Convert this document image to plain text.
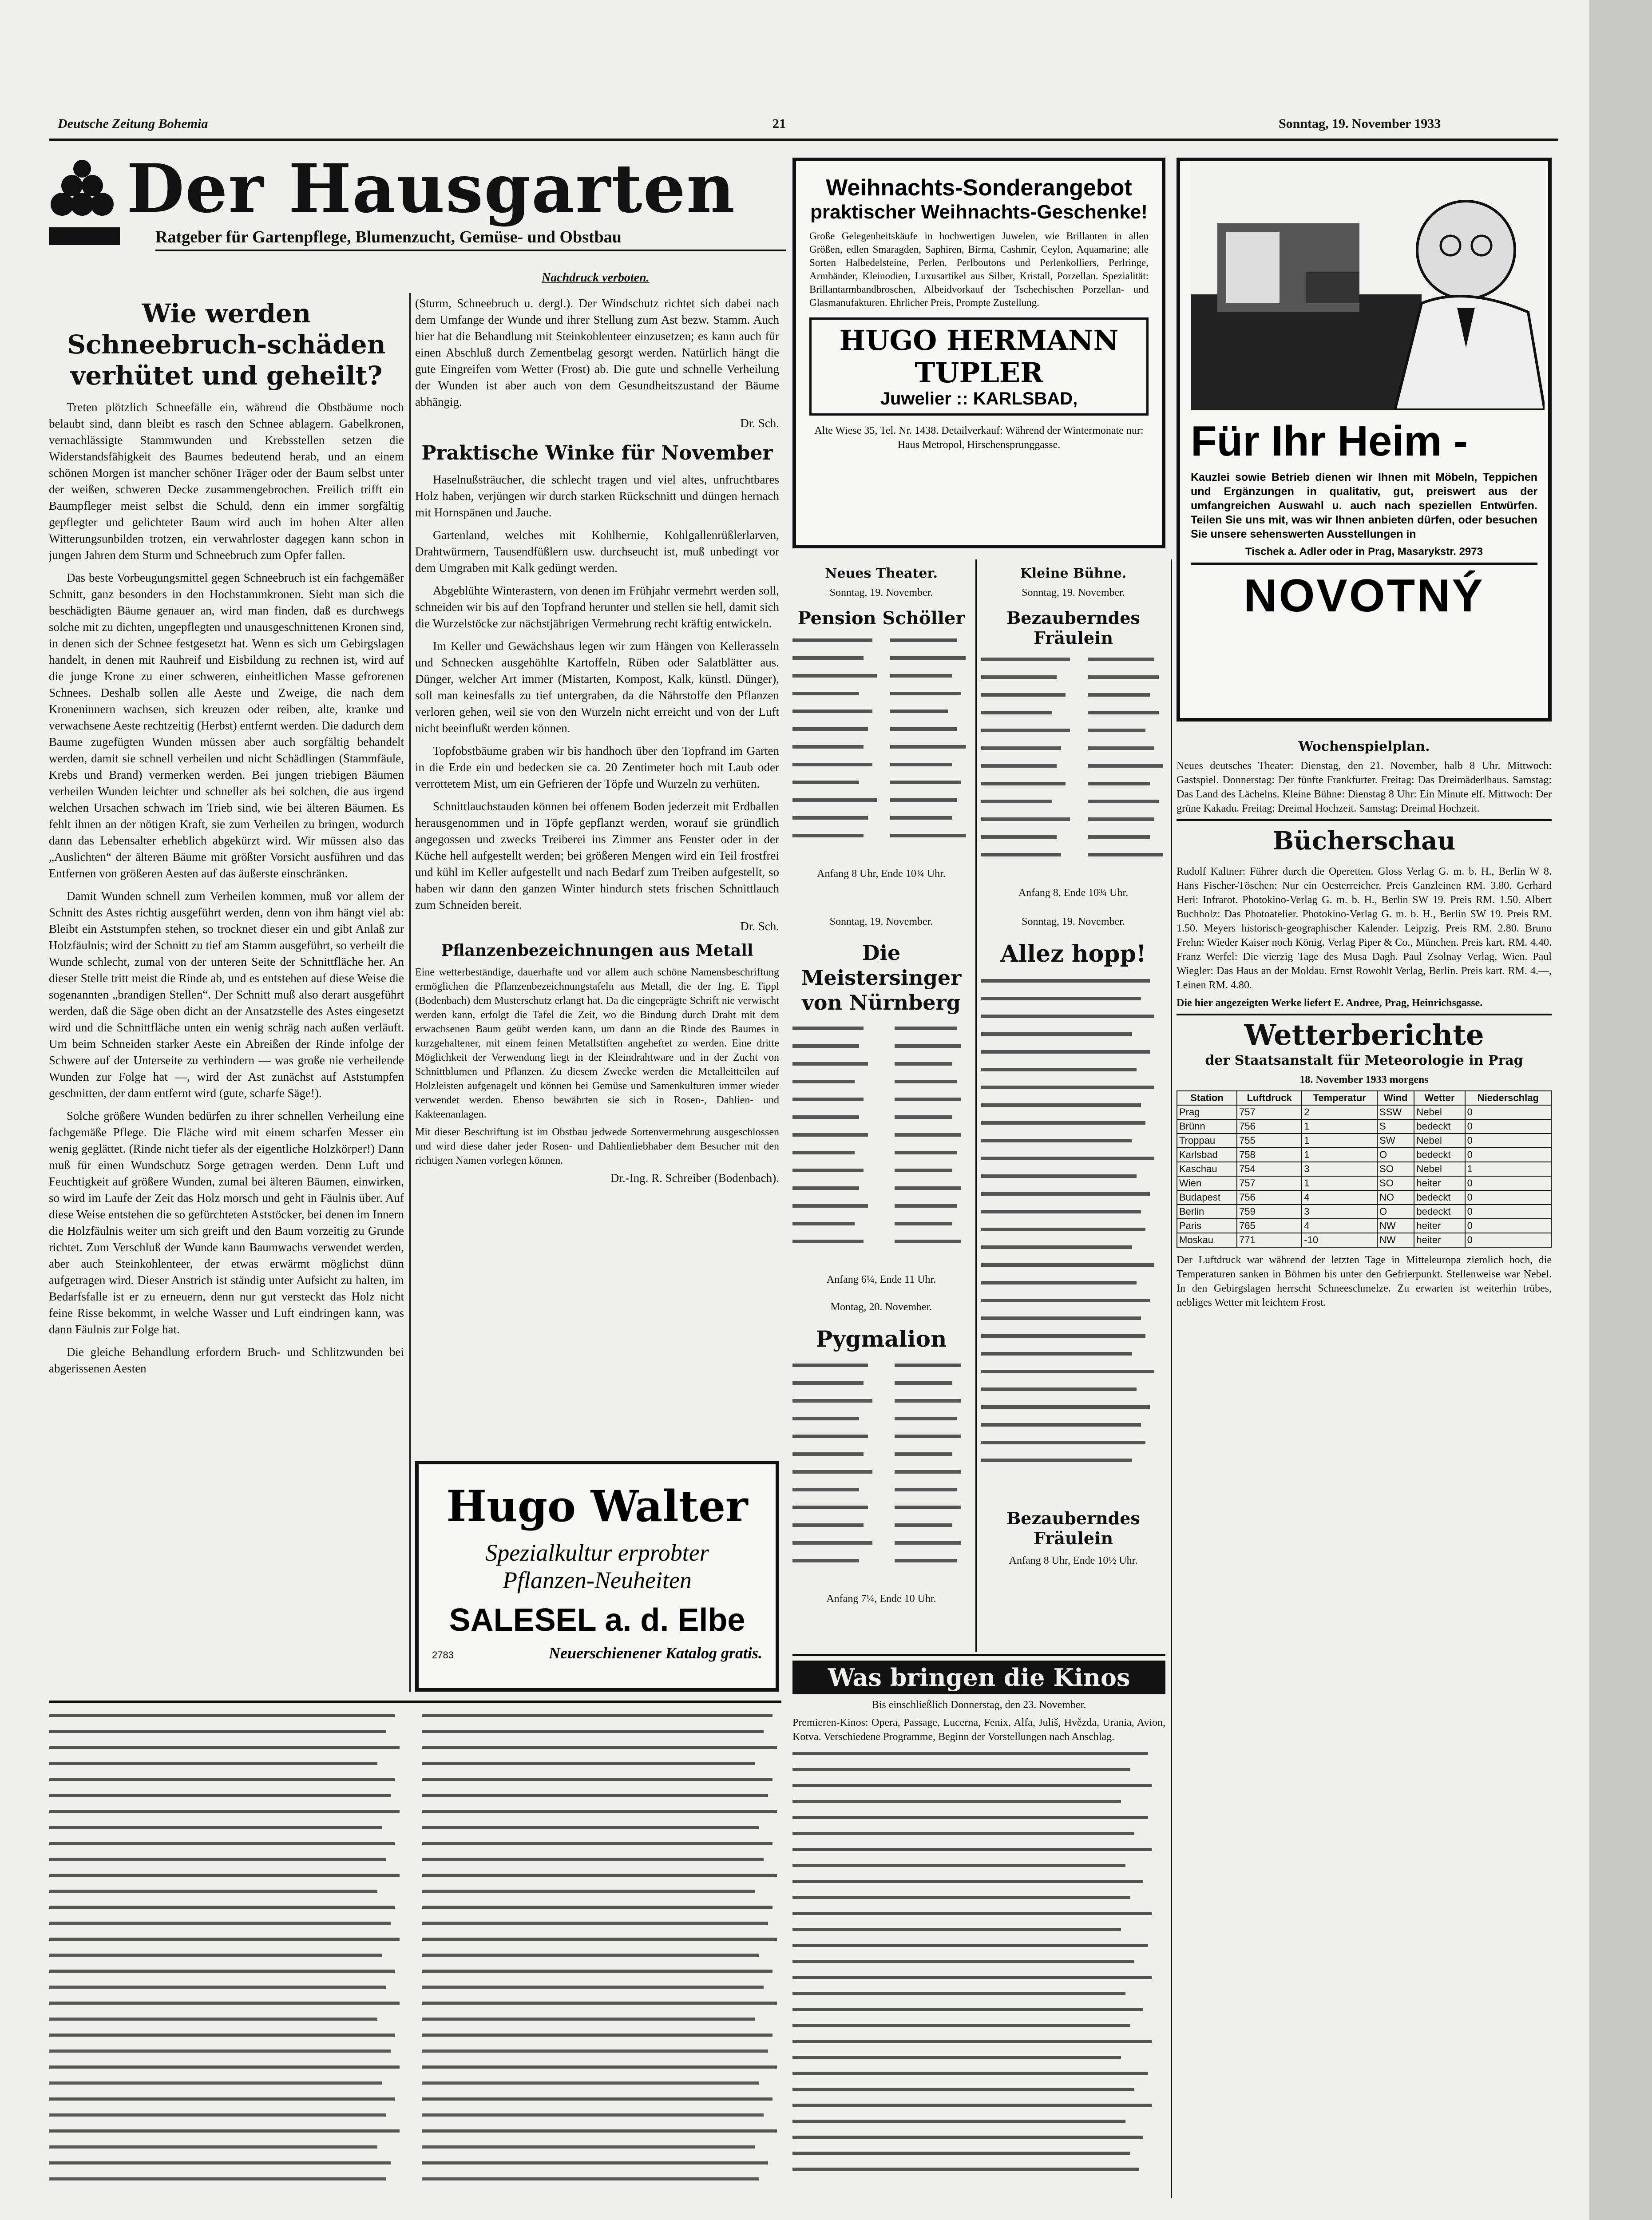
Deutsche Zeitung Bohemia	21	Sonntag, 19. November 1933
Der Hausgarten
Ratgeber für Gartenpflege, Blumenzucht, Gemüse- und Obstbau
Nachdruck verboten.
Wie werden Schneebruch-schäden verhütet und geheilt?

Treten plötzlich Schneefälle ein, während die Obstbäume noch belaubt sind, dann bleibt es rasch den Schnee ablagern. Gabelkronen, vernachlässigte Stammwunden und Krebsstellen setzen die Widerstandsfähigkeit des Baumes bedeutend herab, und an einem schönen Morgen ist mancher schöner Träger oder der Baum selbst unter der weißen, schweren Decke zusammengebrochen. Freilich trifft ein Baumpfleger meist selbst die Schuld, denn ein immer sorgfältig gepflegter und gelichteter Baum wird auch im hohen Alter allen Witterungsunbilden trotzen, ein verwahrloster dagegen kann schon in jungen Jahren dem Sturm und Schneebruch zum Opfer fallen.

Das beste Vorbeugungsmittel gegen Schneebruch ist ein fachgemäßer Schnitt, ganz besonders in den Hochstammkronen. Sieht man sich die beschädigten Bäume genauer an, wird man finden, daß es durchwegs solche mit zu dichten, ungepflegten und unausgeschnittenen Kronen sind, in denen sich der Schnee festgesetzt hat. Wenn es sich um Gebirgslagen handelt, in denen mit Rauhreif und Eisbildung zu rechnen ist, wird auf die junge Krone zu einer schweren, einheitlichen Masse gefrorenen Schnees. Deshalb sollen alle Aeste und Zweige, die nach dem Kroneninnern wachsen, sich kreuzen oder reiben, alte, kranke und verwachsene Aeste rechtzeitig (Herbst) entfernt werden. Die dadurch dem Baume zugefügten Wunden müssen aber auch sorgfältig behandelt werden, damit sie schnell verheilen und nicht Schädlingen (Stammfäule, Krebs und Brand) vermerken werden. Bei jungen triebigen Bäumen verheilen Wunden leichter und schneller als bei solchen, die aus irgend welchen Ursachen schwach im Trieb sind, wie bei älteren Bäumen. Es fehlt ihnen an der nötigen Kraft, sie zum Verheilen zu bringen, wodurch dann das Lebensalter erheblich abgekürzt wird. Wir müssen also das „Auslichten“ der älteren Bäume mit größter Vorsicht ausführen und das Entfernen von größeren Aesten auf das äußerste einschränken.

Damit Wunden schnell zum Verheilen kommen, muß vor allem der Schnitt des Astes richtig ausgeführt werden, denn von ihm hängt viel ab: Bleibt ein Aststumpfen stehen, so trocknet dieser ein und gibt Anlaß zur Holzfäulnis; wird der Schnitt zu tief am Stamm ausgeführt, so verheilt die Wunde schlecht, zumal von der unteren Seite der Schnittfläche her. An dieser Stelle tritt meist die Rinde ab, und es entstehen auf diese Weise die sogenannten „brandigen Stellen“. Der Schnitt muß also derart ausgeführt werden, daß die Säge oben dicht an der Ansatzstelle des Astes eingesetzt wird und die Schnittfläche unten ein wenig schräg nach außen verläuft. Um beim Schneiden starker Aeste ein Abreißen der Rinde infolge der Schwere auf der Unterseite zu verhindern — was große nie verheilende Wunden zur Folge hat —, wird der Ast zunächst auf Aststumpfen geschnitten, der dann entfernt wird (gute, scharfe Säge!).

Solche größere Wunden bedürfen zu ihrer schnellen Verheilung eine fachgemäße Pflege. Die Fläche wird mit einem scharfen Messer ein wenig geglättet. (Rinde nicht tiefer als der eigentliche Holzkörper!) Dann muß für einen Wundschutz Sorge getragen werden. Denn Luft und Feuchtigkeit auf größere Wunden, zumal bei älteren Bäumen, einwirken, so wird im Laufe der Zeit das Holz morsch und geht in Fäulnis über. Auf diese Weise entstehen die so gefürchteten Aststöcker, bei denen im Innern die Holzfäulnis weiter um sich greift und den Baum vorzeitig zu Grunde richtet. Zum Verschluß der Wunde kann Baumwachs verwendet werden, aber auch Steinkohlenteer, der etwas erwärmt möglichst dünn aufgetragen wird. Dieser Anstrich ist ständig unter Aufsicht zu halten, im Bedarfsfalle ist er zu erneuern, denn nur gut versteckt das Holz nicht feine Risse bekommt, in welche Wasser und Luft eindringen kann, was dann Fäulnis zur Folge hat.

Die gleiche Behandlung erfordern Bruch- und Schlitzwunden bei abgerissenen Aesten

(Sturm, Schneebruch u. dergl.). Der Windschutz richtet sich dabei nach dem Umfange der Wunde und ihrer Stellung zum Ast bezw. Stamm. Auch hier hat die Behandlung mit Steinkohlenteer einzusetzen; es kann auch für einen Abschluß durch Zementbelag gesorgt werden. Natürlich hängt die gute Eingreifen vom Wetter (Frost) ab. Die gute und schnelle Verheilung der Wunden ist aber auch von dem Gesundheitszustand der Bäume abhängig.

Dr. Sch.
Praktische Winke für November

Haselnußsträucher, die schlecht tragen und viel altes, unfruchtbares Holz haben, verjüngen wir durch starken Rückschnitt und düngen hernach mit Hornspänen und Jauche.

Gartenland, welches mit Kohlhernie, Kohlgallenrüßlerlarven, Drahtwürmern, Tausendfüßlern usw. durchseucht ist, muß unbedingt vor dem Umgraben mit Kalk gedüngt werden.

Abgeblühte Winterastern, von denen im Frühjahr vermehrt werden soll, schneiden wir bis auf den Topfrand herunter und stellen sie hell, damit sich die Wurzelstöcke zur nächstjährigen Vermehrung recht kräftig entwickeln.

Im Keller und Gewächshaus legen wir zum Hängen von Kellerasseln und Schnecken ausgehöhlte Kartoffeln, Rüben oder Salatblätter aus. Dünger, welcher Art immer (Mistarten, Kompost, Kalk, künstl. Dünger), soll man keinesfalls zu tief untergraben, da die Nährstoffe den Pflanzen verloren gehen, weil sie von den Wurzeln nicht erreicht und von der Luft nicht beeinflußt werden können.

Topfobstbäume graben wir bis handhoch über den Topfrand im Garten in die Erde ein und bedecken sie ca. 20 Zentimeter hoch mit Laub oder verrottetem Mist, um ein Gefrieren der Töpfe und Wurzeln zu verhüten.

Schnittlauchstauden können bei offenem Boden jederzeit mit Erdballen herausgenommen und in Töpfe gepflanzt werden, worauf sie gründlich angegossen und zwecks Treiberei ins Zimmer ans Fenster oder in der Küche hell aufgestellt werden; bei größeren Mengen wird ein Teil frostfrei und kühl im Keller aufgestellt und nach Bedarf zum Treiben aufgestellt, so haben wir dann den ganzen Winter hindurch stets frischen Schnittlauch zum Schneiden bereit.

Dr. Sch.
Pflanzenbezeichnungen aus Metall

Eine wetterbeständige, dauerhafte und vor allem auch schöne Namensbeschriftung ermöglichen die Pflanzenbezeichnungstafeln aus Metall, die der Ing. E. Tippl (Bodenbach) dem Musterschutz erlangt hat. Da die eingeprägte Schrift nie verwischt werden kann, erfolgt die Tafel die Zeit, wo die Bindung durch Draht mit dem erwachsenen Baum geübt werden kann, um dann an die Rinde des Baumes in kurzgehaltener, mit einem feinen Metallstiften angeheftet zu werden. Eine dritte Möglichkeit der Verwendung liegt in der Kleindrahtware und in der Zucht von Schnittblumen und Pflanzen. Zu diesem Zwecke werden die Metalleitteilen auf Holzleisten aufgenagelt und können bei Gemüse und Samenkulturen immer wieder verwendet werden. Ebenso bewährten sie sich in Rosen-, Dahlien- und Kakteenanlagen.

Mit dieser Beschriftung ist im Obstbau jedwede Sortenvermehrung ausgeschlossen und wird diese daher jeder Rosen- und Dahlienliebhaber dem Besucher mit den richtigen Namen vorlegen können.

Dr.-Ing. R. Schreiber (Bodenbach).
Hugo Walter
Spezialkultur erprobter
Pflanzen-Neuheiten
SALESEL a. d. Elbe
2783	Neuerschienener Katalog gratis.
Weihnachts-Sonderangebot
praktischer Weihnachts-Geschenke!

Große Gelegenheitskäufe in hochwertigen Juwelen, wie Brillanten in allen Größen, edlen Smaragden, Saphiren, Birma, Cashmir, Ceylon, Aquamarine; alle Sorten Halbedelsteine, Perlen, Perlboutons und Perlenkolliers, Perlringe, Armbänder, Kleinodien, Luxusartikel aus Silber, Kristall, Porzellan. Spezialität: Brillantarmbandbroschen, Albeidvorkauf der Tschechischen Porzellan- und Glasmanufakturen. Ehrlicher Preis, Prompte Zustellung.

HUGO HERMANN TUPLER
Juwelier :: KARLSBAD,

Alte Wiese 35, Tel. Nr. 1438. Detailverkauf: Während der Wintermonate nur: Haus Metropol, Hirschensprunggasse.	Für Ihr Heim -

Kauzlei sowie Betrieb dienen wir Ihnen mit Möbeln, Teppichen und Ergänzungen in qualitativ, gut, preiswert aus der umfangreichen Auswahl u. auch nach speziellen Entwürfen. Teilen Sie uns mit, was wir Ihnen anbieten dürfen, oder besuchen Sie unsere sehenswerten Ausstellungen in

Tischek a. Adler oder in Prag, Masarykstr. 2973

NOVOTNÝ
Neues Theater.
Sonntag, 19. November.
Pension Schöller
Anfang 8 Uhr, Ende 10¾ Uhr.
Kleine Bühne.
Sonntag, 19. November.
Bezauberndes Fräulein
Anfang 8, Ende 10¾ Uhr.
Sonntag, 19. November.
Die Meistersinger von Nürnberg
Anfang 6¼, Ende 11 Uhr.
Montag, 20. November.
Pygmalion
Anfang 7¼, Ende 10 Uhr.
Sonntag, 19. November.
Allez hopp!
Bezauberndes Fräulein
Anfang 8 Uhr, Ende 10½ Uhr.
Was bringen die Kinos
Bis einschließlich Donnerstag, den 23. November.

Premieren-Kinos: Opera, Passage, Lucerna, Fenix, Alfa, Juliš, Hvězda, Urania, Avion, Kotva. Verschiedene Programme, Beginn der Vorstellungen nach Anschlag.

Wochenspielplan.

Neues deutsches Theater: Dienstag, den 21. November, halb 8 Uhr. Mittwoch: Gastspiel. Donnerstag: Der fünfte Frankfurter. Freitag: Das Dreimäderlhaus. Samstag: Das Land des Lächelns. Kleine Bühne: Dienstag 8 Uhr: Ein Minute elf. Mittwoch: Der grüne Kakadu. Freitag: Dreimal Hochzeit. Samstag: Dreimal Hochzeit.

Bücherschau

Rudolf Kaltner: Führer durch die Operetten. Gloss Verlag G. m. b. H., Berlin W 8. Hans Fischer-Töschen: Nur ein Oesterreicher. Preis Ganzleinen RM. 3.80. Gerhard Heri: Infrarot. Photokino-Verlag G. m. b. H., Berlin SW 19. Preis RM. 1.50. Albert Buchholz: Das Photoatelier. Photokino-Verlag G. m. b. H., Berlin SW 19. Preis RM. 1.50. Meyers historisch-geographischer Kalender. Leipzig. Preis RM. 2.80. Bruno Frehn: Wieder Kaiser noch König. Verlag Piper & Co., München. Preis kart. RM. 4.40. Franz Werfel: Die vierzig Tage des Musa Dagh. Paul Zsolnay Verlag, Wien. Paul Wiegler: Das Haus an der Moldau. Ernst Rowohlt Verlag, Berlin. Preis kart. RM. 4.—, Leinen RM. 4.80.

Die hier angezeigten Werke liefert E. Andree, Prag, Heinrichsgasse.

Wetterberichte
der Staatsanstalt für Meteorologie in Prag
18. November 1933 morgens
Station	Luftdruck	Temperatur	Wind	Wetter	Niederschlag
Prag	757	2	SSW	Nebel	0
Brünn	756	1	S	bedeckt	0
Troppau	755	1	SW	Nebel	0
Karlsbad	758	1	O	bedeckt	0
Kaschau	754	3	SO	Nebel	1
Wien	757	1	SO	heiter	0
Budapest	756	4	NO	bedeckt	0
Berlin	759	3	O	bedeckt	0
Paris	765	4	NW	heiter	0
Moskau	771	-10	NW	heiter	0

Der Luftdruck war während der letzten Tage in Mitteleuropa ziemlich hoch, die Temperaturen sanken in Böhmen bis unter den Gefrierpunkt. Stellenweise war Nebel. In den Gebirgslagen herrscht Schneeschmelze. Zu erwarten ist weiterhin trübes, nebliges Wetter mit leichtem Frost.
